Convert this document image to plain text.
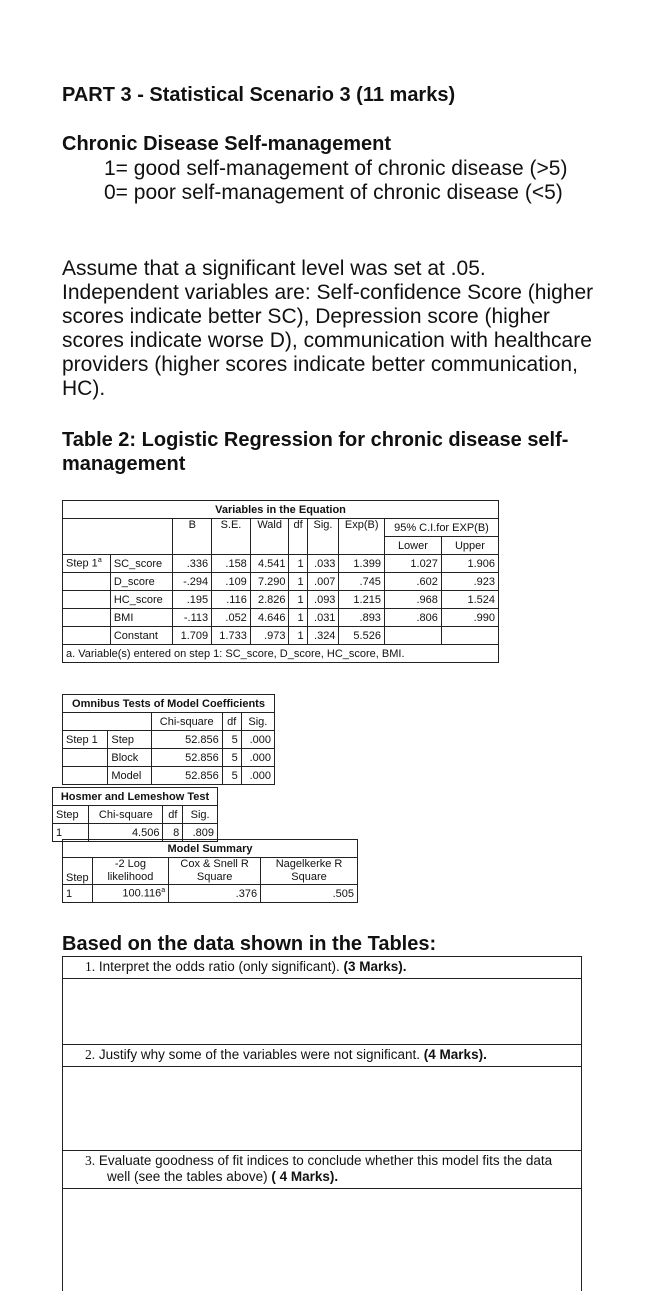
PART 3 - Statistical Scenario 3 (11 marks)
Chronic Disease Self-management
1= good self-management of chronic disease (>5)
0= poor self-management of chronic disease (<5)
Assume that a significant level was set at .05.
Independent variables are: Self-confidence Score (higher
scores indicate better SC), Depression score (higher
scores indicate worse D), communication with healthcare
providers (higher scores indicate better communication,
HC).
Table 2: Logistic Regression for chronic disease self-
management
Variables in the Equation									
		B	S.E.	Wald	df	Sig.	Exp(B)	95% C.I.for EXP(B)	
								Lower	Upper
Step 1$^a$	SC_score	.336	.158	4.541	1	.033	1.399	1.027	1.906
	D_score	-.294	.109	7.290	1	.007	.745	.602	.923
	HC_score	.195	.116	2.826	1	.093	1.215	.968	1.524
	BMI	-.113	.052	4.646	1	.031	.893	.806	.990
	Constant	1.709	1.733	.973	1	.324	5.526		
a. Variable(s) entered on step 1: SC_score, D_score, HC_score, BMI.									
Omnibus Tests of Model Coefficients				
		Chi-square	df	Sig.
Step 1	Step	52.856	5	.000
	Block	52.856	5	.000
	Model	52.856	5	.000
Hosmer and Lemeshow Test			
Step	Chi-square	df	Sig.
1	4.506	8	.809
Model Summary			
Step	-2 Log likelihood	Cox & Snell R Square	Nagelkerke R Square
1	100.116$^a$	.376	.505
Based on the data shown in the Tables:
1. Interpret the odds ratio (only significant). (3 Marks).
2. Justify why some of the variables were not significant. (4 Marks).
3. Evaluate goodness of fit indices to conclude whether this model fits the data
well (see the tables above) ( 4 Marks).
